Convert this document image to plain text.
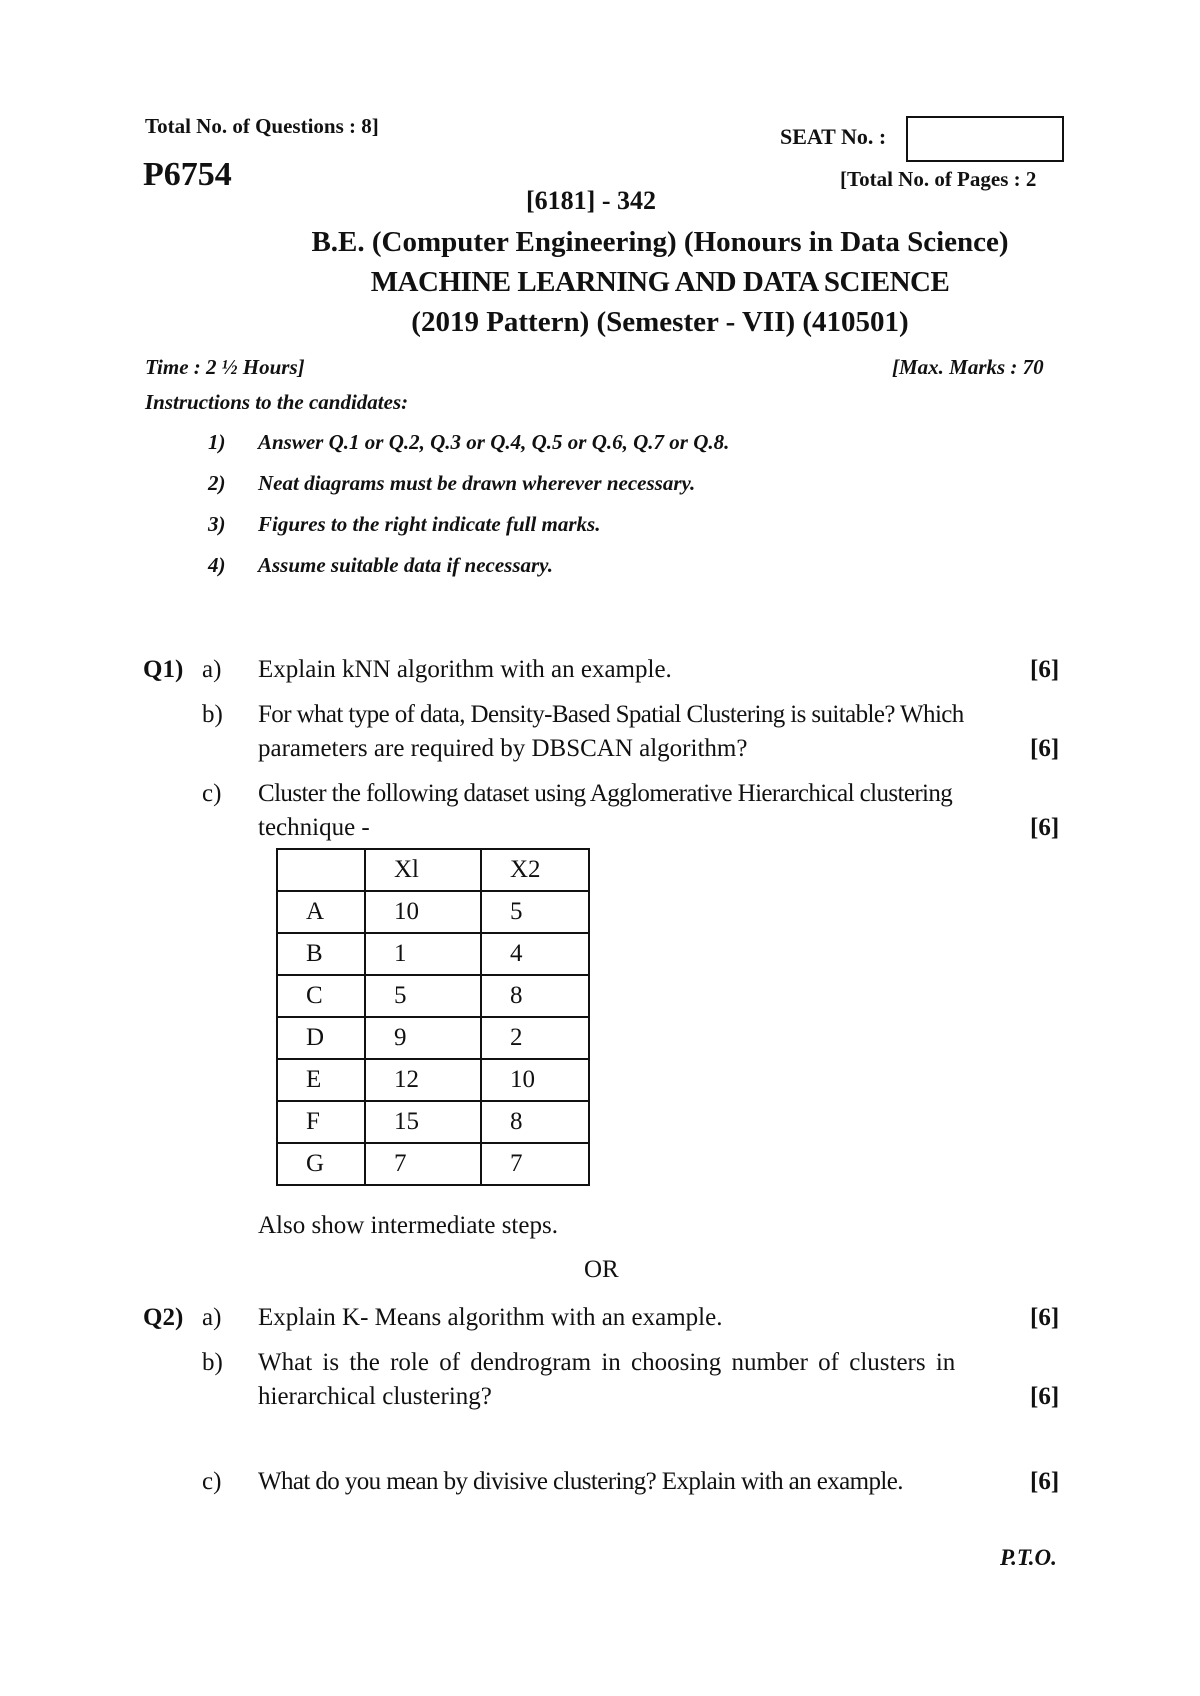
Total No. of Questions : 8]	SEAT No. :
P6754	[Total No. of Pages : 2
[6181] - 342
B.E. (Computer Engineering) (Honours in Data Science)
MACHINE LEARNING AND DATA SCIENCE
(2019 Pattern) (Semester - VII) (410501)
Time : 2 ½ Hours]	[Max. Marks : 70
Instructions to the candidates:
1) Answer Q.1 or Q.2, Q.3 or Q.4, Q.5 or Q.6, Q.7 or Q.8.
2) Neat diagrams must be drawn wherever necessary.
3) Figures to the right indicate full marks.
4) Assume suitable data if necessary.
Q1) a) Explain kNN algorithm with an example.	[6]
b) For what type of data, Density-Based Spatial Clustering is suitable? Which
parameters are required by DBSCAN algorithm?	[6]
c) Cluster the following dataset using Agglomerative Hierarchical clustering
technique -	[6]
	Xl	X2
A	10	5
B	1	4
C	5	8
D	9	2
E	12	10
F	15	8
G	7	7
Also show intermediate steps.
OR
Q2) a) Explain K- Means algorithm with an example.	[6]
b) What is the role of dendrogram in choosing number of clusters in
hierarchical clustering?	[6]
c) What do you mean by divisive clustering? Explain with an example.	[6]
P.T.O.
